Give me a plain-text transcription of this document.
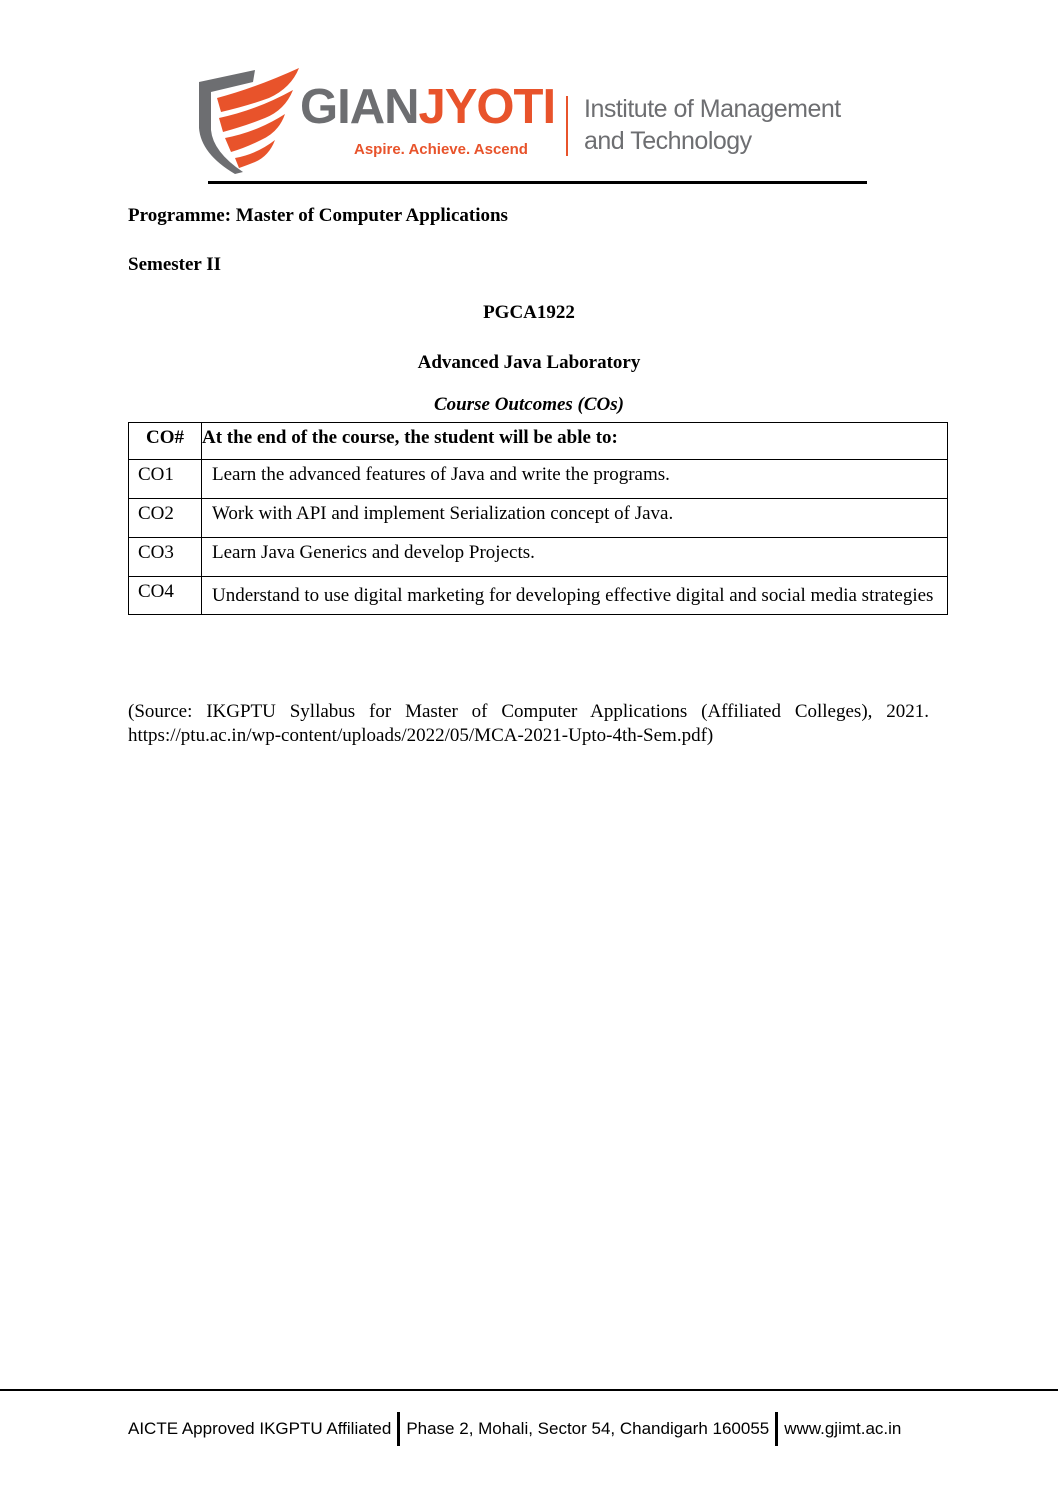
GIANJYOTI
Aspire. Achieve. Ascend
Institute of Management
and Technology
Programme: Master of Computer Applications
Semester II
PGCA1922
Advanced Java Laboratory
Course Outcomes (COs)
CO#	At the end of the course, the student will be able to:
CO1	Learn the advanced features of Java and write the programs.
CO2	Work with API and implement Serialization concept of Java.
CO3	Learn Java Generics and develop Projects.
CO4	Understand to use digital marketing for developing effective digital and social media strategies
(Source: IKGPTU Syllabus for Master of Computer Applications (Affiliated Colleges), 2021. https://ptu.ac.in/wp-content/uploads/2022/05/MCA-2021-Upto-4th-Sem.pdf)
AICTE Approved IKGPTU Affiliated Phase 2, Mohali, Sector 54, Chandigarh 160055 www.gjimt.ac.in
